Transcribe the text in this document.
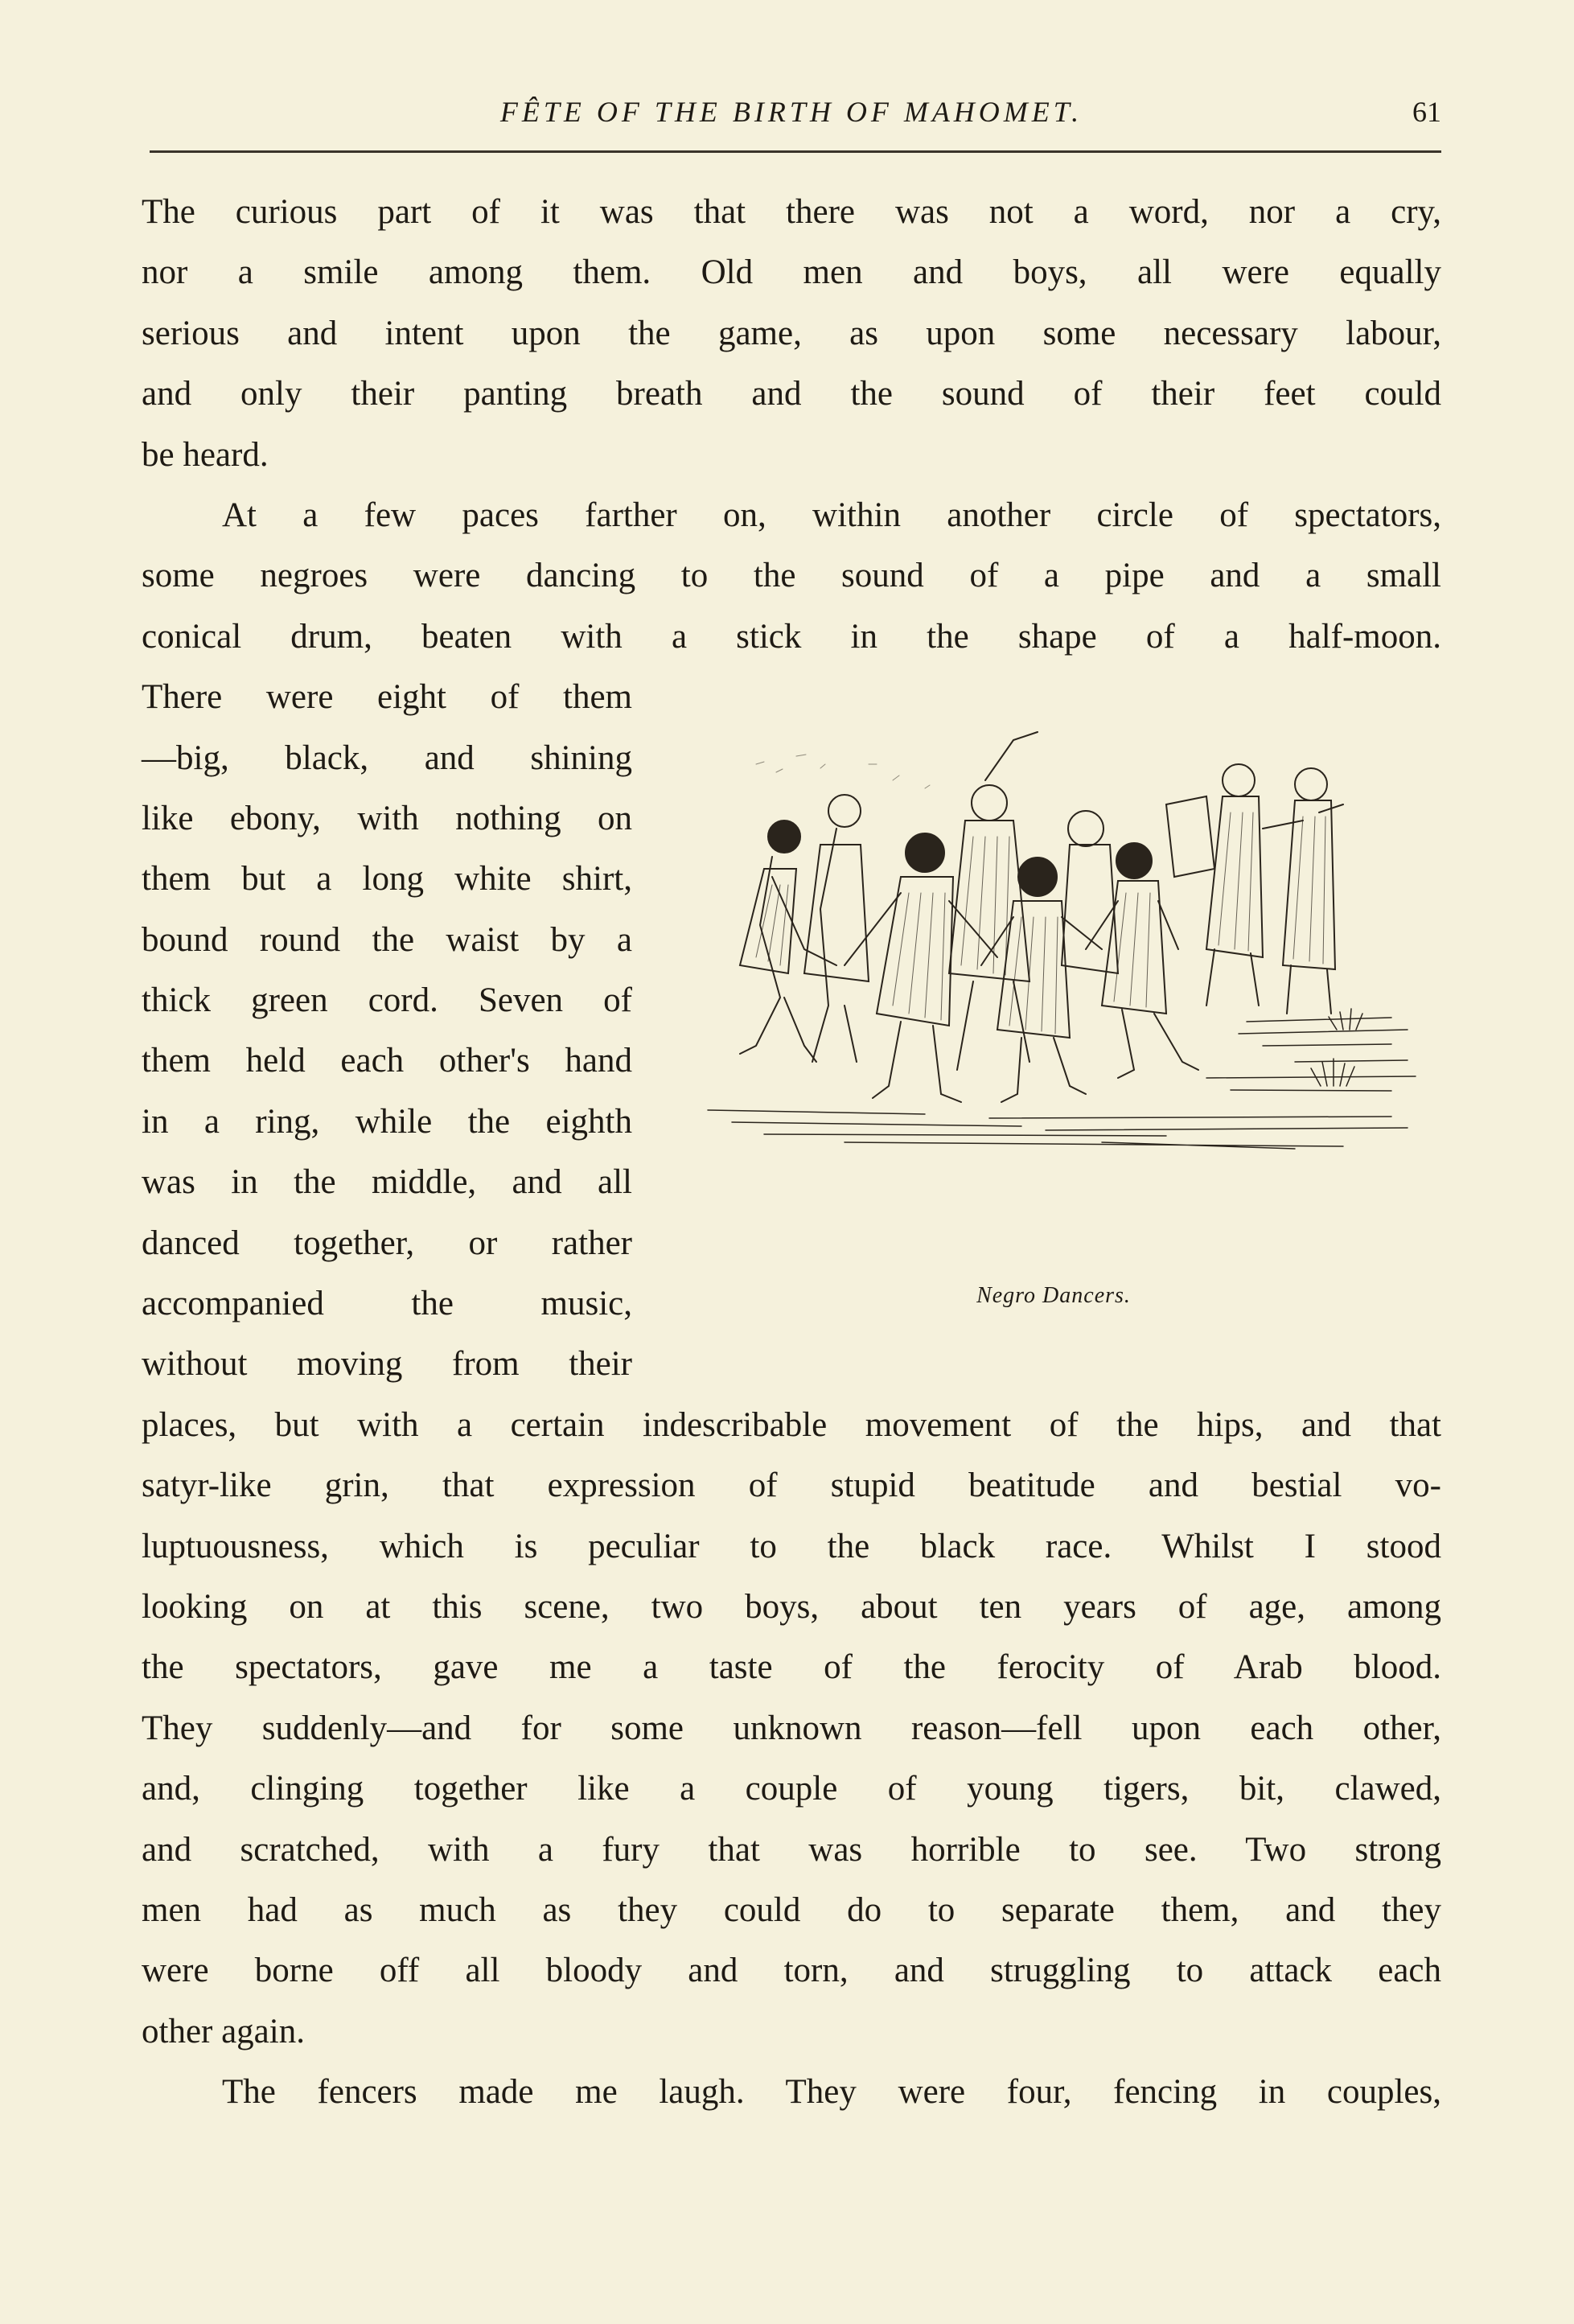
FÊTE OF THE BIRTH OF MAHOMET.	61
The curious part of it was that there was not a word, nor a cry,
nor a smile among them. Old men and boys, all were equally
serious and intent upon the game, as upon some necessary labour,
and only their panting breath and the sound of their feet could
be heard.
At a few paces farther on, within another circle of spectators,
some negroes were dancing to the sound of a pipe and a small
conical drum, beaten with a stick in the shape of a half-moon.
There were eight of them
—big, black, and shining
like ebony, with nothing on
them but a long white shirt,
bound round the waist by a
thick green cord. Seven of
them held each other's hand
in a ring, while the eighth
was in the middle, and all
danced together, or rather
accompanied the music,
without moving from their
places, but with a certain indescribable movement of the hips, and that
satyr-like grin, that expression of stupid beatitude and bestial vo-
luptuousness, which is peculiar to the black race. Whilst I stood
looking on at this scene, two boys, about ten years of age, among
the spectators, gave me a taste of the ferocity of Arab blood.
They suddenly—and for some unknown reason—fell upon each other,
and, clinging together like a couple of young tigers, bit, clawed,
and scratched, with a fury that was horrible to see. Two strong
men had as much as they could do to separate them, and they
were borne off all bloody and torn, and struggling to attack each
other again.
The fencers made me laugh. They were four, fencing in couples,
Negro Dancers.
